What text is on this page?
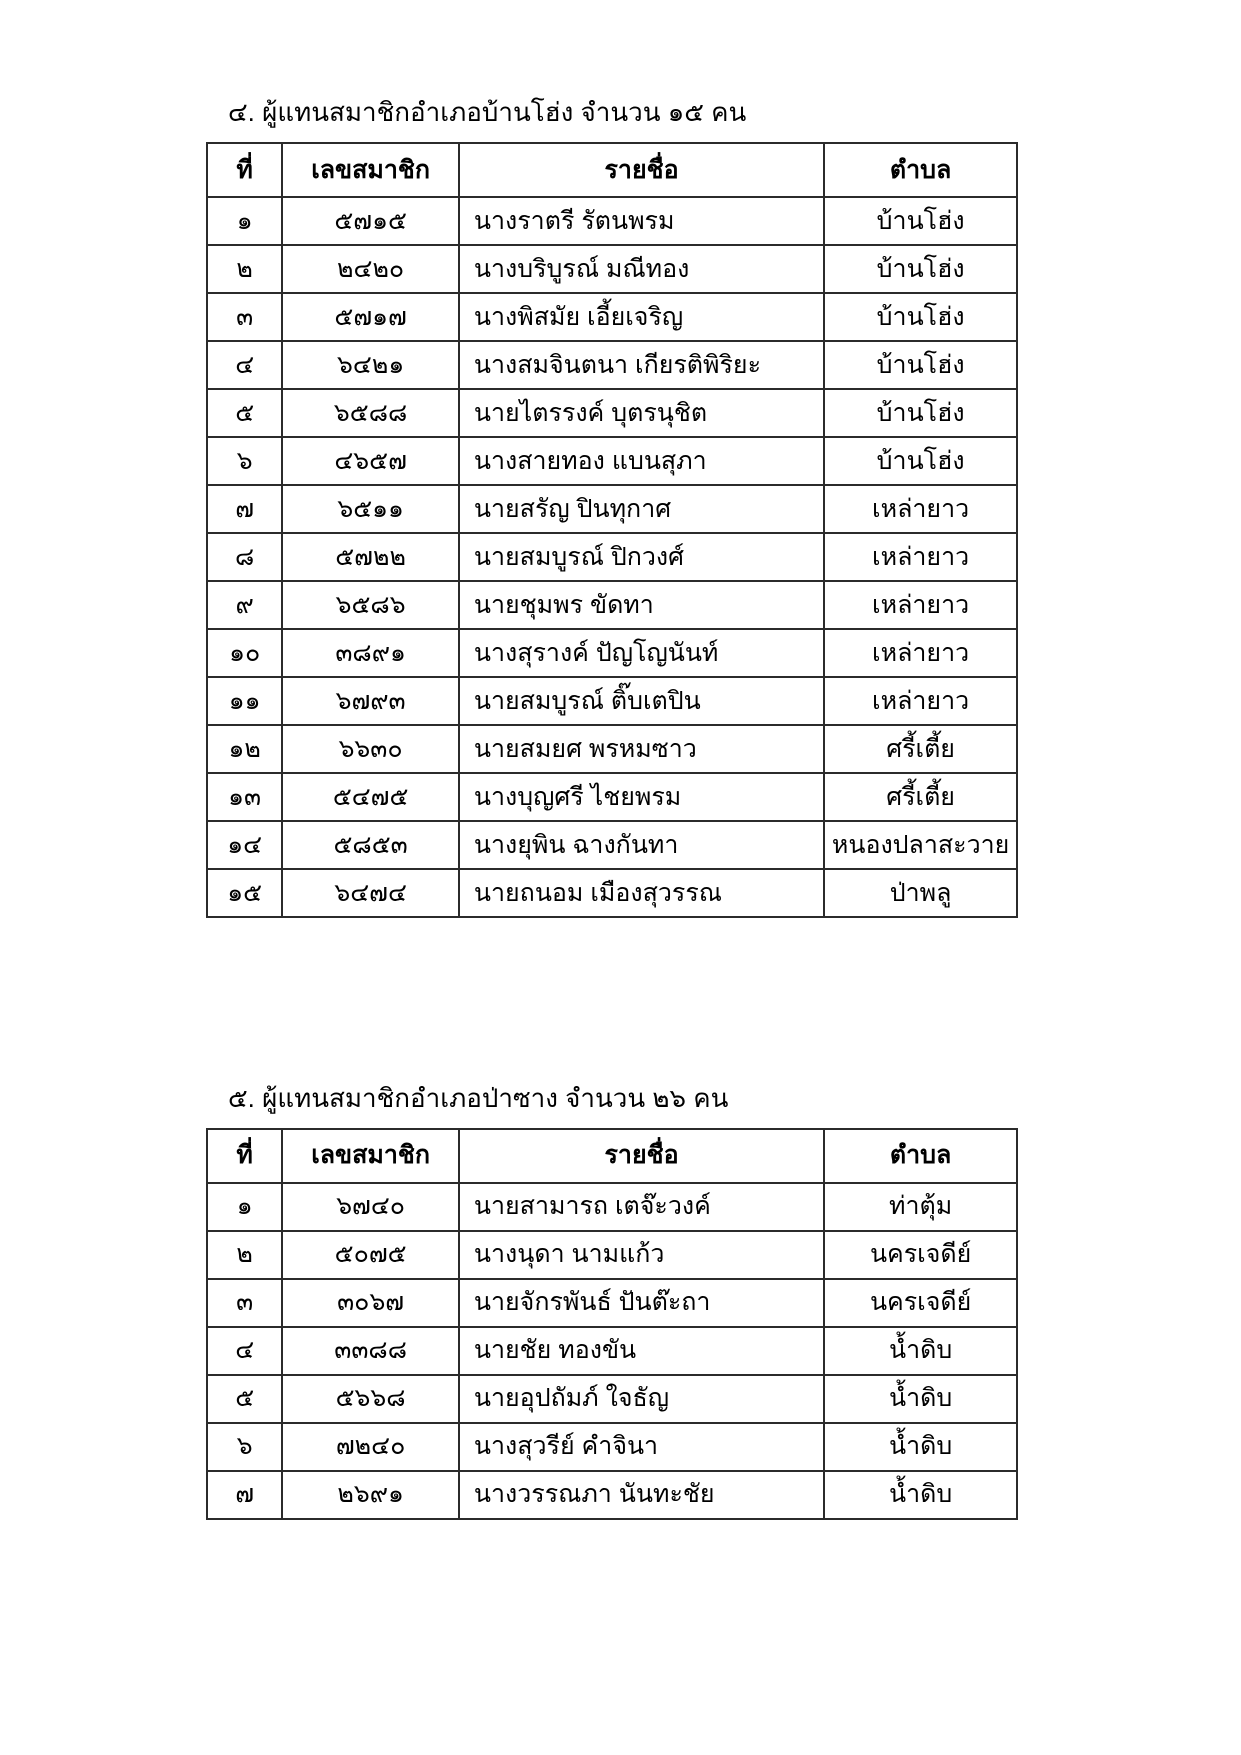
๔. ผู้แทนสมาชิกอำเภอบ้านโฮ่ง จำนวน ๑๕ คน
ที่	เลขสมาชิก	รายชื่อ	ตำบล
๑	๕๗๑๕	นางราตรี รัตนพรม	บ้านโฮ่ง
๒	๒๔๒๐	นางบริบูรณ์ มณีทอง	บ้านโฮ่ง
๓	๕๗๑๗	นางพิสมัย เอี้ยเจริญ	บ้านโฮ่ง
๔	๖๔๒๑	นางสมจินตนา เกียรติพิริยะ	บ้านโฮ่ง
๕	๖๕๘๘	นายไตรรงค์ บุตรนุชิต	บ้านโฮ่ง
๖	๔๖๕๗	นางสายทอง แบนสุภา	บ้านโฮ่ง
๗	๖๕๑๑	นายสรัญ ปินทุกาศ	เหล่ายาว
๘	๕๗๒๒	นายสมบูรณ์ ปิกวงศ์	เหล่ายาว
๙	๖๕๘๖	นายชุมพร ขัดทา	เหล่ายาว
๑๐	๓๘๙๑	นางสุรางค์ ปัญโญนันท์	เหล่ายาว
๑๑	๖๗๙๓	นายสมบูรณ์ ติ๊บเตปิน	เหล่ายาว
๑๒	๖๖๓๐	นายสมยศ พรหมซาว	ศรี้เตี้ย
๑๓	๕๔๗๕	นางบุญศรี ไชยพรม	ศรี้เตี้ย
๑๔	๕๘๕๓	นางยุพิน ฉางกันทา	หนองปลาสะวาย
๑๕	๖๔๗๔	นายถนอม เมืองสุวรรณ	ป่าพลู
๕. ผู้แทนสมาชิกอำเภอป่าซาง จำนวน ๒๖ คน
ที่	เลขสมาชิก	รายชื่อ	ตำบล
๑	๖๗๔๐	นายสามารถ เตจ๊ะวงค์	ท่าตุ้ม
๒	๕๐๗๕	นางนุดา นามแก้ว	นครเจดีย์
๓	๓๐๖๗	นายจักรพันธ์ ปันต๊ะถา	นครเจดีย์
๔	๓๓๘๘	นายชัย ทองขัน	น้ำดิบ
๕	๕๖๖๘	นายอุปถัมภ์ ใจธัญ	น้ำดิบ
๖	๗๒๔๐	นางสุวรีย์ คำจินา	น้ำดิบ
๗	๒๖๙๑	นางวรรณภา นันทะชัย	น้ำดิบ
